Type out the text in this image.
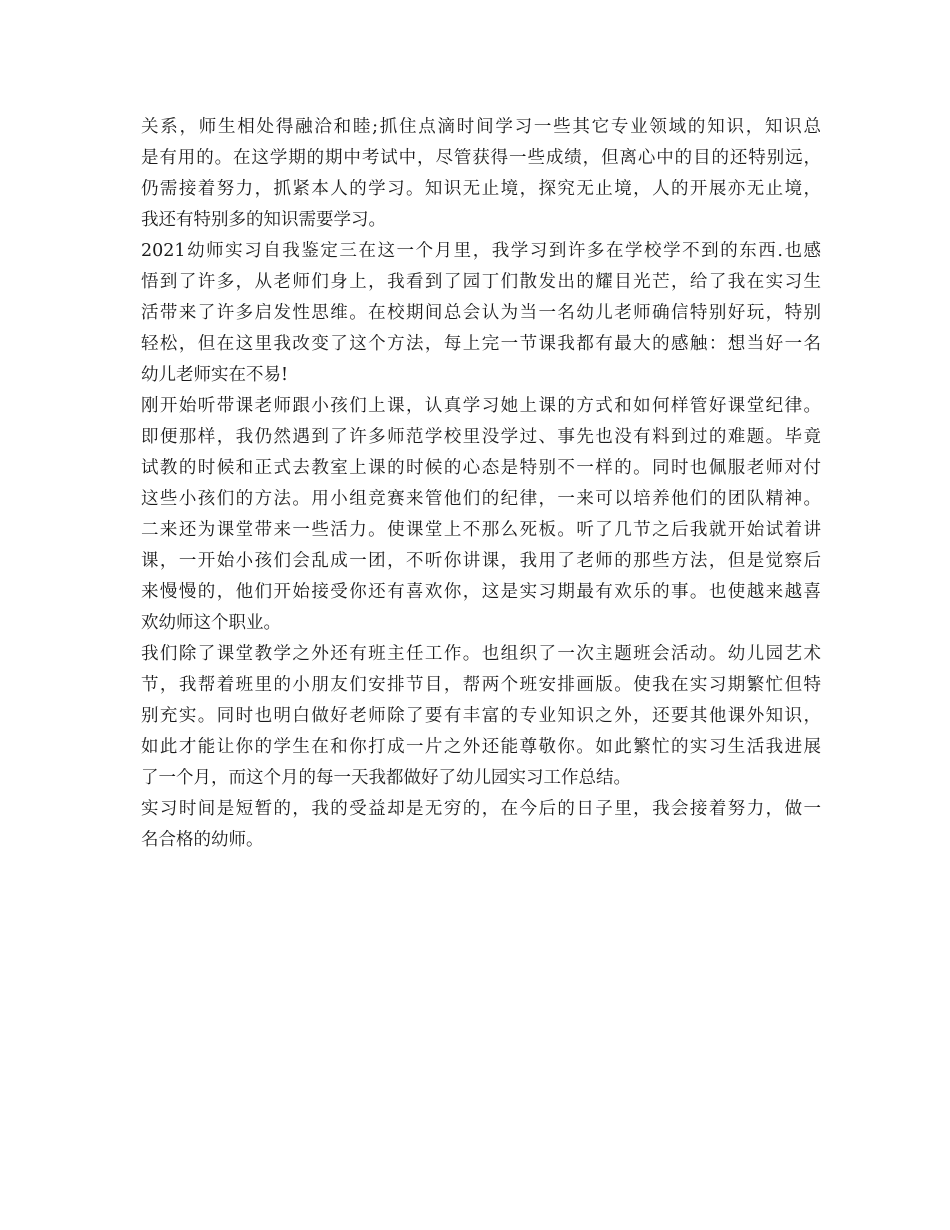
关系，师生相处得融洽和睦;抓住点滴时间学习一些其它专业领域的知识，知识总
是有用的。在这学期的期中考试中，尽管获得一些成绩，但离心中的目的还特别远，
仍需接着努力，抓紧本人的学习。知识无止境，探究无止境，人的开展亦无止境，
我还有特别多的知识需要学习。

2021幼师实习自我鉴定三在这一个月里，我学习到许多在学校学不到的东西.也感
悟到了许多，从老师们身上，我看到了园丁们散发出的耀目光芒，给了我在实习生
活带来了许多启发性思维。在校期间总会认为当一名幼儿老师确信特别好玩，特别
轻松，但在这里我改变了这个方法，每上完一节课我都有最大的感触：想当好一名
幼儿老师实在不易!

刚开始听带课老师跟小孩们上课，认真学习她上课的方式和如何样管好课堂纪律。
即便那样，我仍然遇到了许多师范学校里没学过、事先也没有料到过的难题。毕竟
试教的时候和正式去教室上课的时候的心态是特别不一样的。同时也佩服老师对付
这些小孩们的方法。用小组竞赛来管他们的纪律，一来可以培养他们的团队精神。
二来还为课堂带来一些活力。使课堂上不那么死板。听了几节之后我就开始试着讲
课，一开始小孩们会乱成一团，不听你讲课，我用了老师的那些方法，但是觉察后
来慢慢的，他们开始接受你还有喜欢你，这是实习期最有欢乐的事。也使越来越喜
欢幼师这个职业。

我们除了课堂教学之外还有班主任工作。也组织了一次主题班会活动。幼儿园艺术
节，我帮着班里的小朋友们安排节目，帮两个班安排画版。使我在实习期繁忙但特
别充实。同时也明白做好老师除了要有丰富的专业知识之外，还要其他课外知识，
如此才能让你的学生在和你打成一片之外还能尊敬你。如此繁忙的实习生活我进展
了一个月，而这个月的每一天我都做好了幼儿园实习工作总结。

实习时间是短暂的，我的受益却是无穷的，在今后的日子里，我会接着努力，做一
名合格的幼师。
